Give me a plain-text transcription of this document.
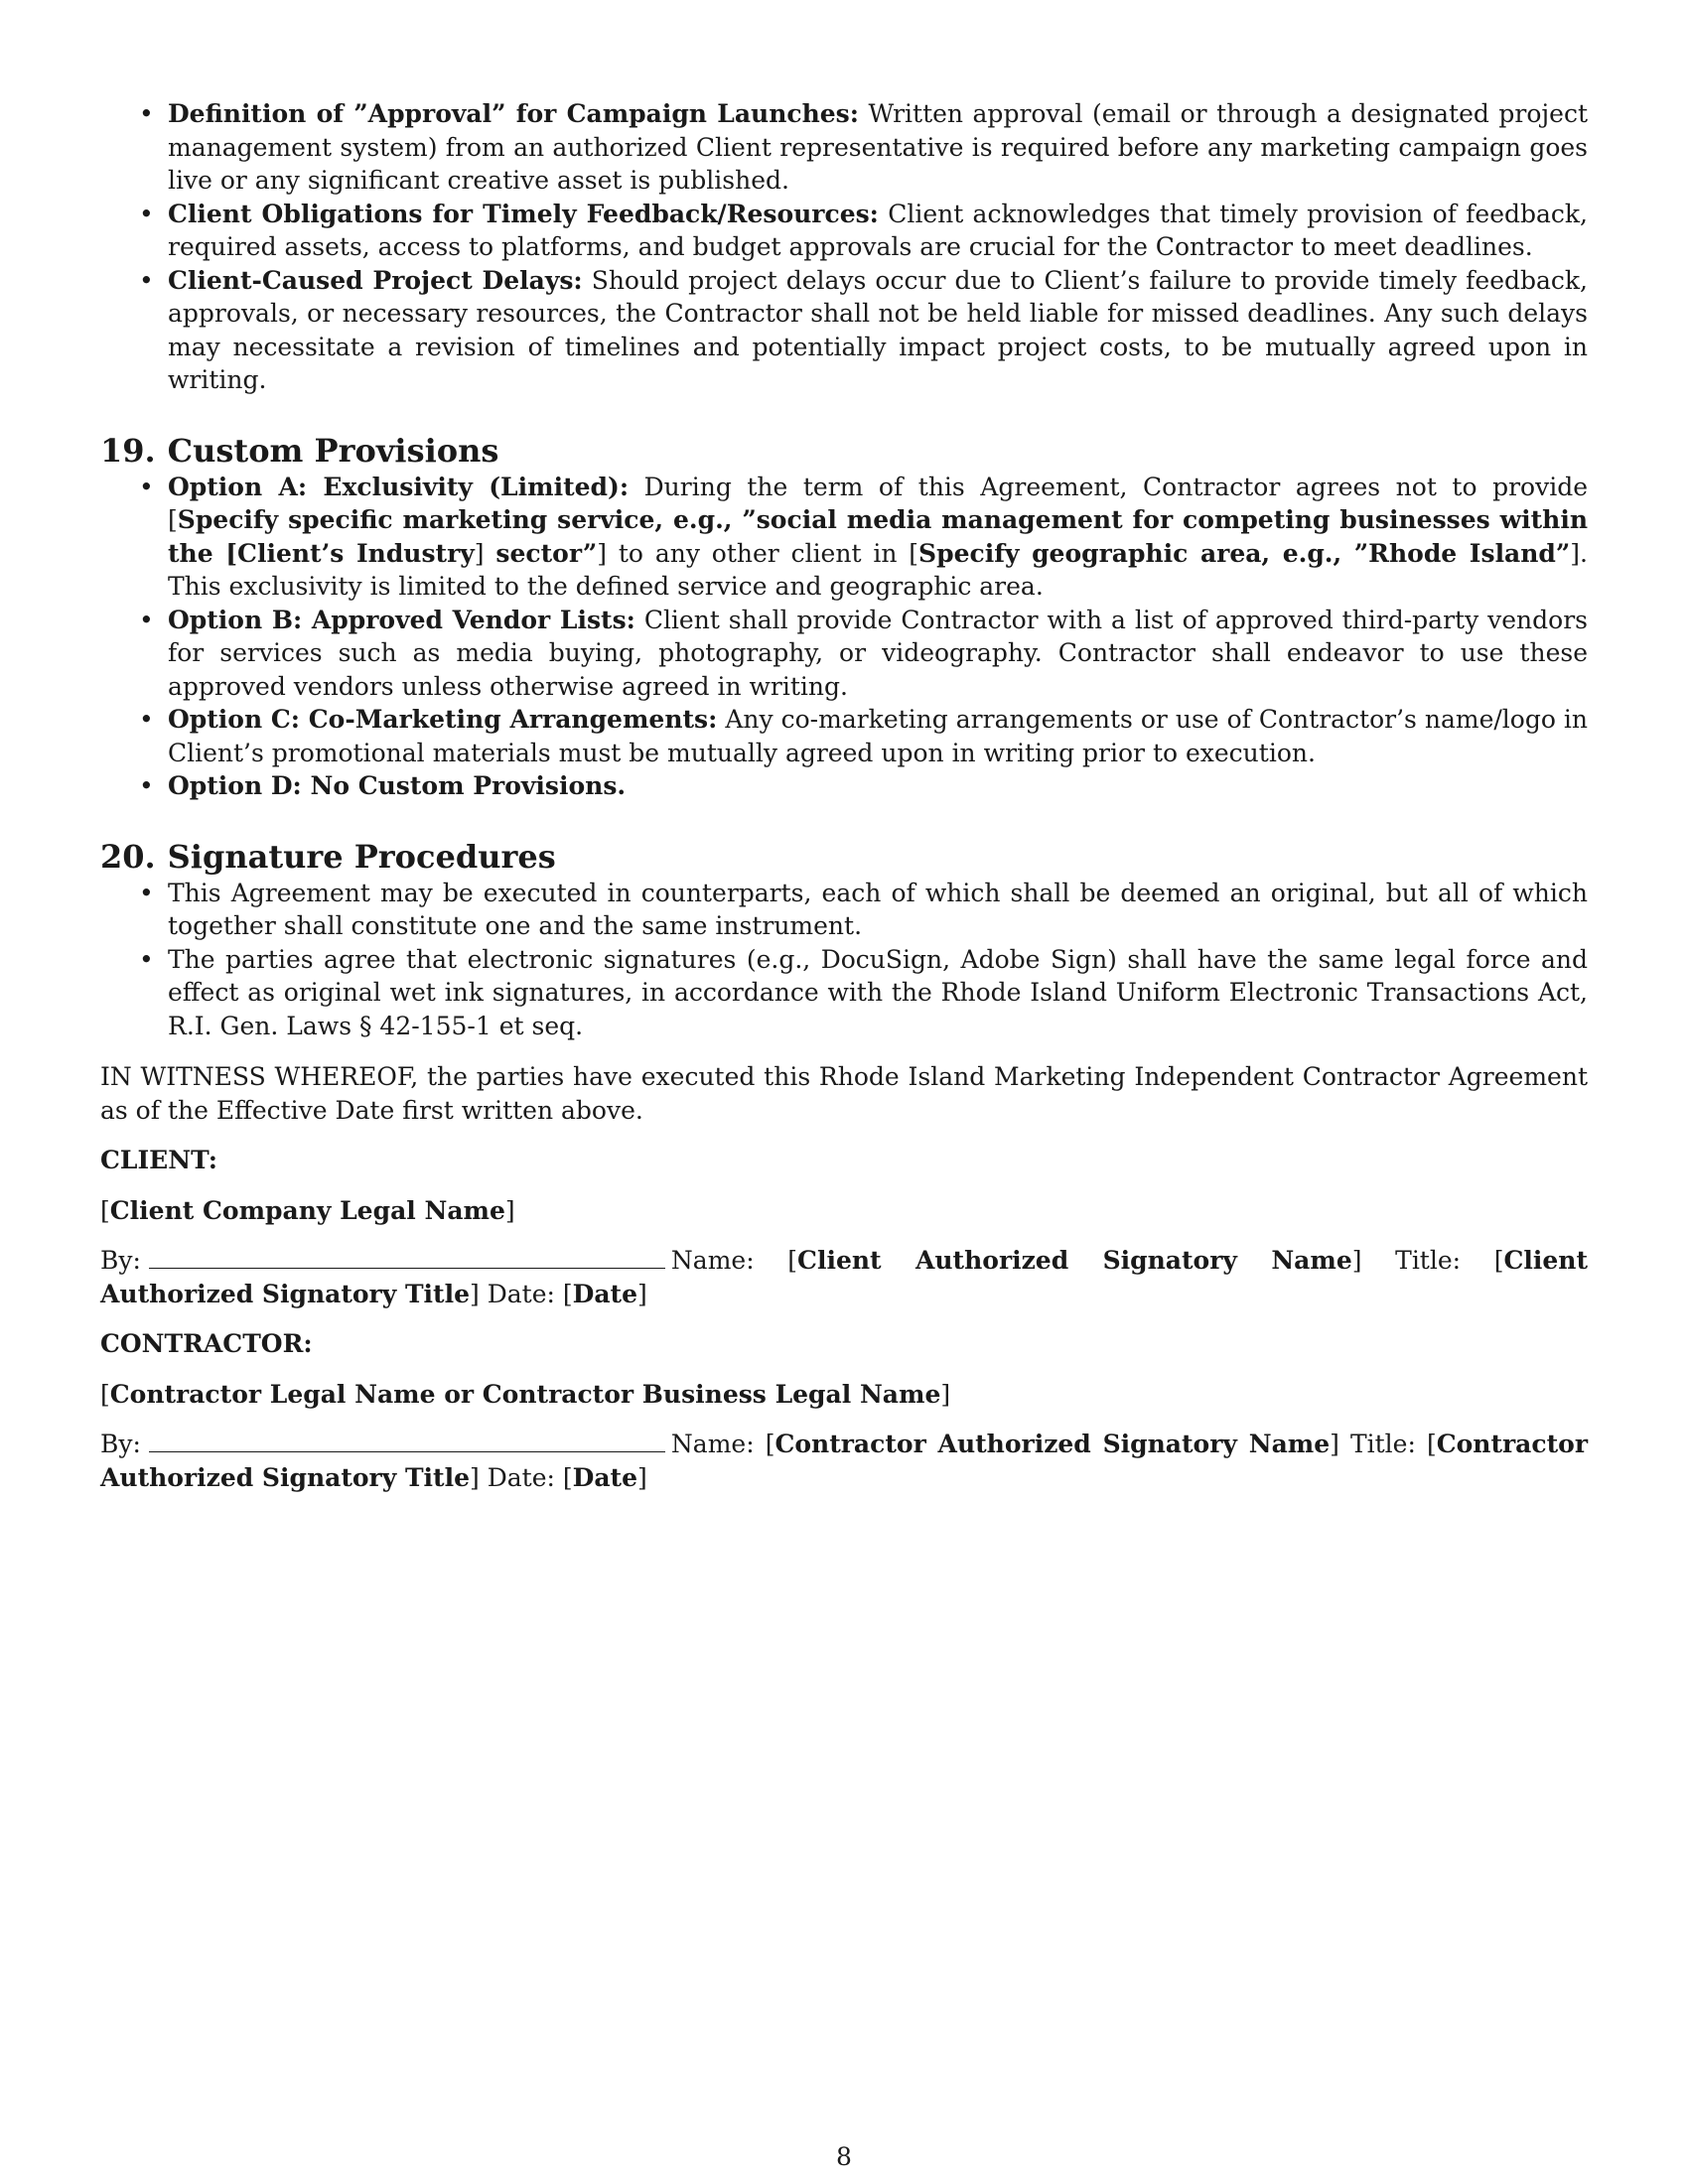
• Definition of ”Approval” for Campaign Launches: Written approval (email or through a designated project management system) from an authorized Client representative is required before any marketing campaign goes live or any significant creative asset is published.
• Client Obligations for Timely Feedback/Resources: Client acknowledges that timely provision of feedback, required assets, access to platforms, and budget approvals are crucial for the Contractor to meet deadlines.
• Client-Caused Project Delays: Should project delays occur due to Client’s failure to provide timely feedback, approvals, or necessary resources, the Contractor shall not be held liable for missed deadlines. Any such delays may necessitate a revision of timelines and potentially impact project costs, to be mutually agreed upon in writing.
19. Custom Provisions
• Option A: Exclusivity (Limited): During the term of this Agreement, Contractor agrees not to provide [Specify specific marketing service, e.g., ”social media management for competing businesses within the [Client’s Industry] sector”] to any other client in [Specify geographic area, e.g., ”Rhode Island”]. This exclusivity is limited to the defined service and geographic area.
• Option B: Approved Vendor Lists: Client shall provide Contractor with a list of approved third-party vendors for services such as media buying, photography, or videography. Contractor shall endeavor to use these approved vendors unless otherwise agreed in writing.
• Option C: Co-Marketing Arrangements: Any co-marketing arrangements or use of Contractor’s name/logo in Client’s promotional materials must be mutually agreed upon in writing prior to execution.
• Option D: No Custom Provisions.
20. Signature Procedures
• This Agreement may be executed in counterparts, each of which shall be deemed an original, but all of which together shall constitute one and the same instrument.
• The parties agree that electronic signatures (e.g., DocuSign, Adobe Sign) shall have the same legal force and effect as original wet ink signatures, in accordance with the Rhode Island Uniform Electronic Transactions Act, R.I. Gen. Laws § 42-155-1 et seq.
IN WITNESS WHEREOF, the parties have executed this Rhode Island Marketing Independent Contractor Agreement as of the Effective Date first written above.
CLIENT:
[Client Company Legal Name]
By:	Name: [Client Authorized Signatory Name] Title: [Client Authorized Signatory Title] Date: [Date]
CONTRACTOR:
[Contractor Legal Name or Contractor Business Legal Name]
By:	Name: [Contractor Authorized Signatory Name] Title: [Contractor Authorized Signatory Title] Date: [Date]
8
